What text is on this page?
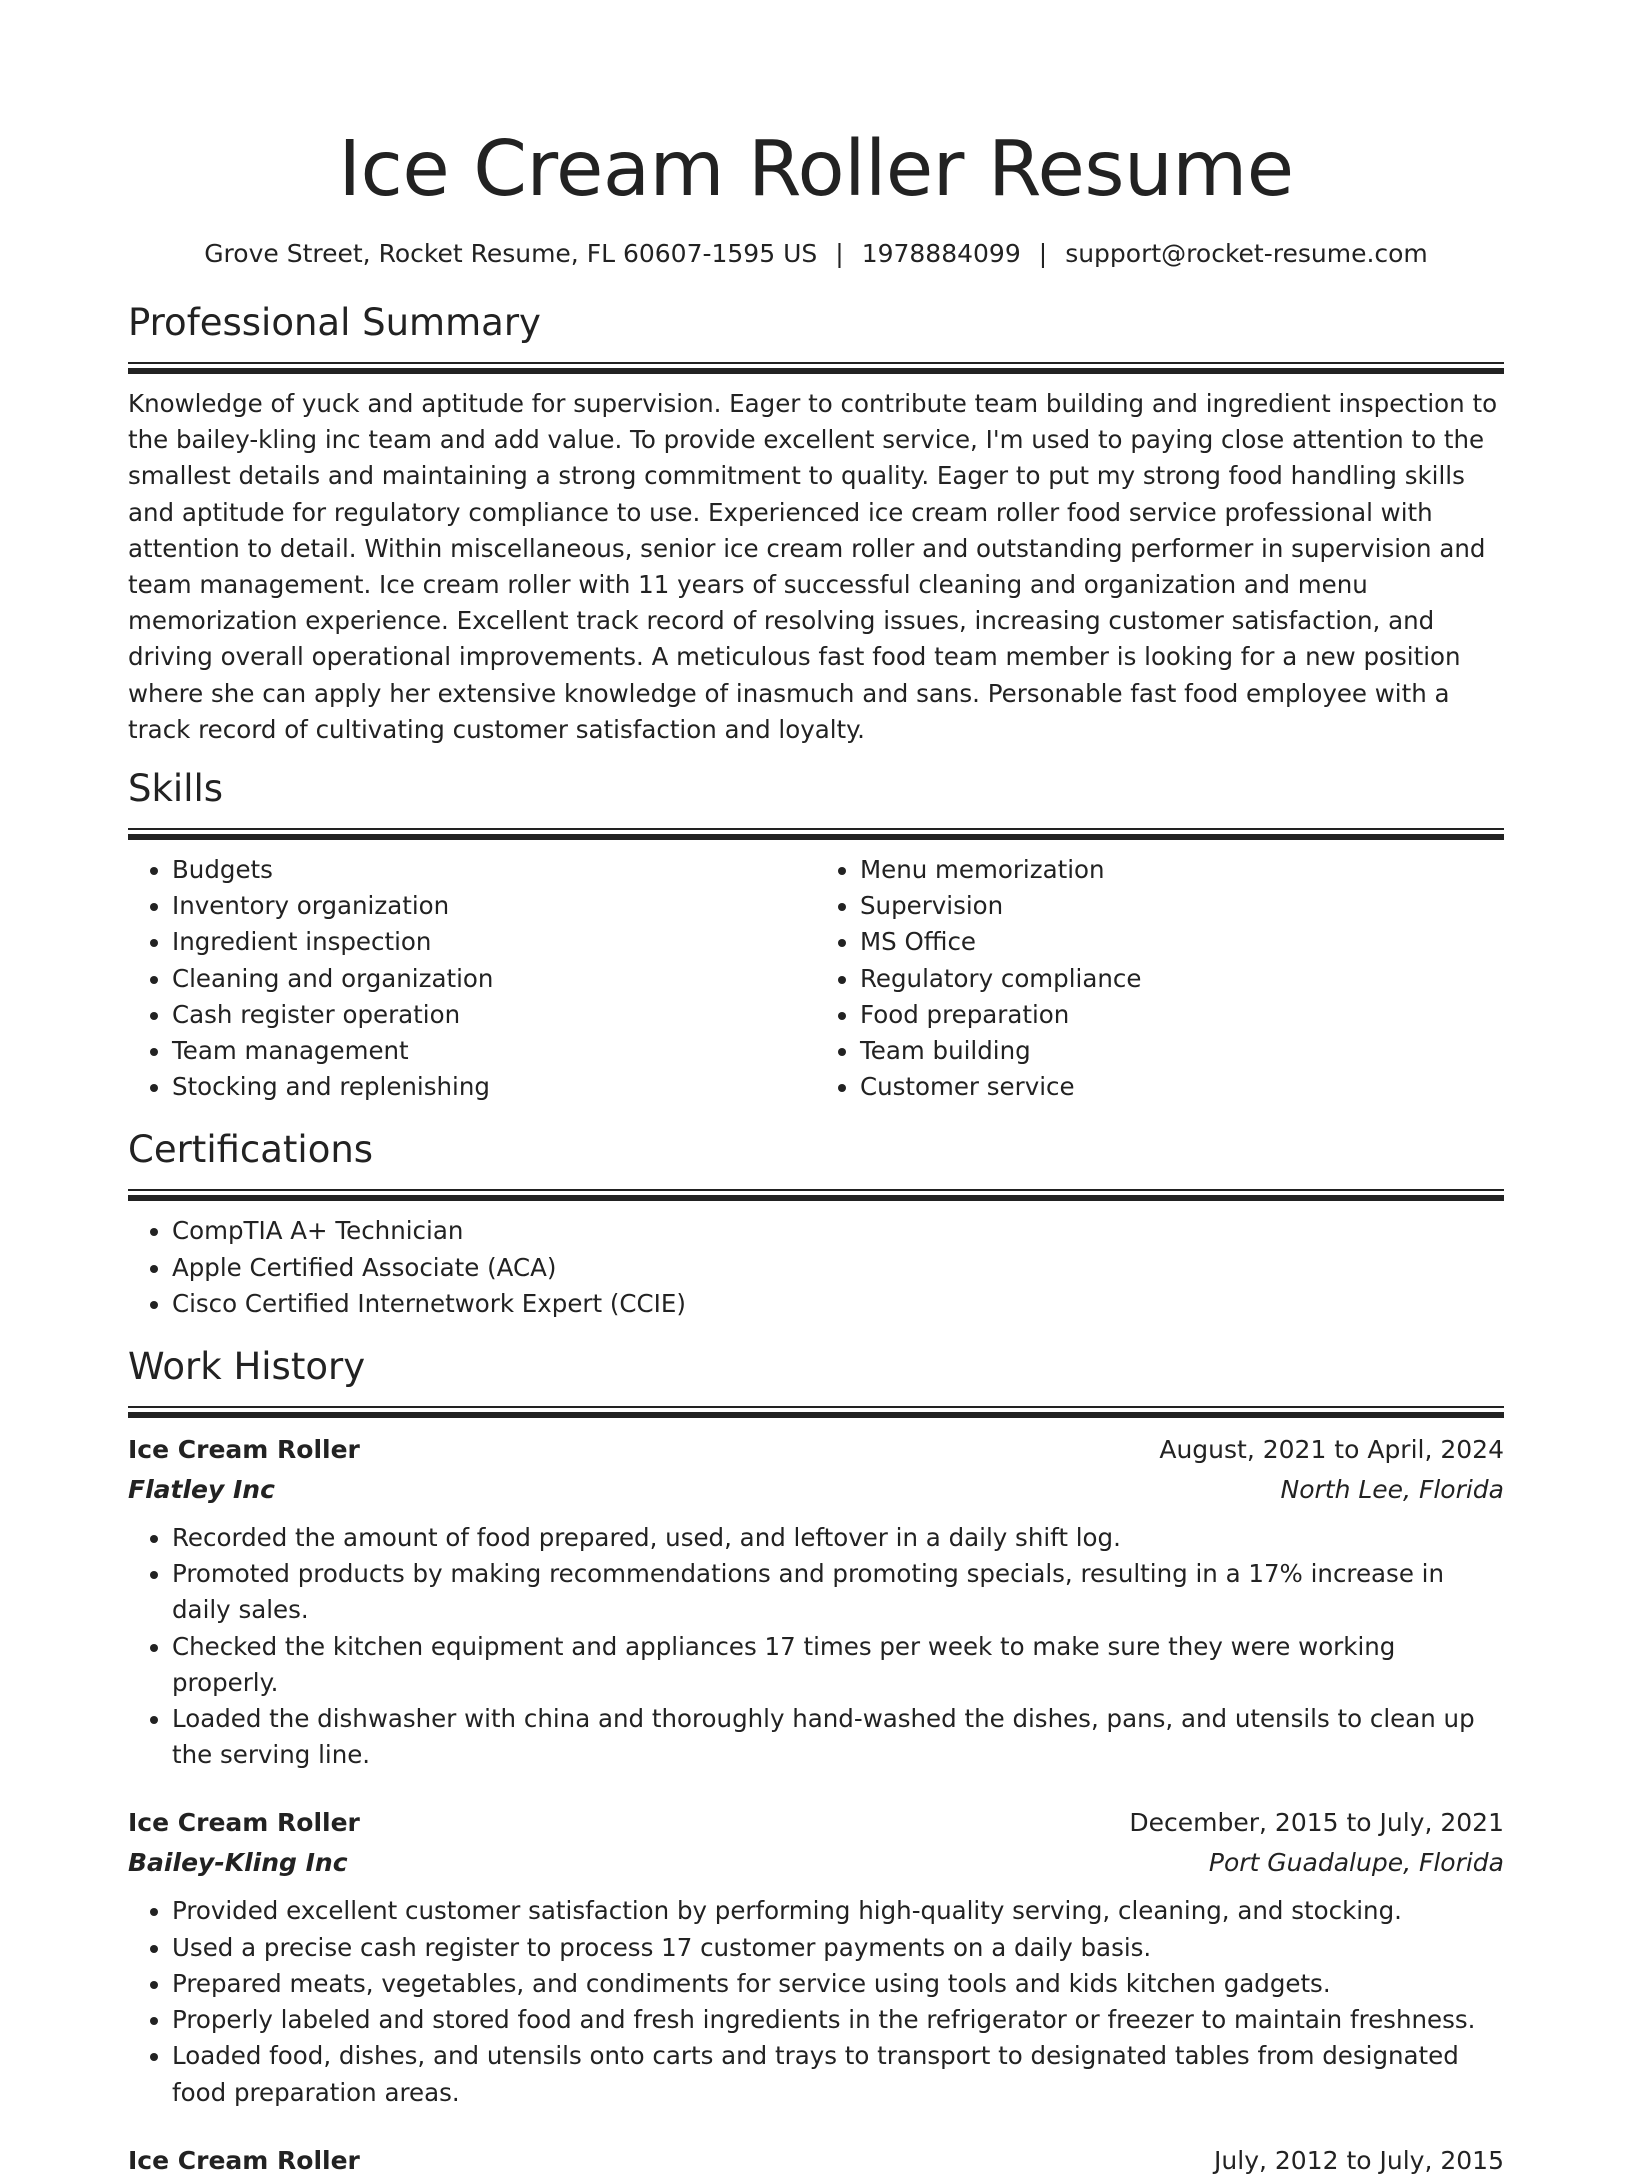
Ice Cream Roller Resume
Grove Street, Rocket Resume, FL 60607-1595 US | 1978884099 | support@rocket-resume.com
Professional Summary

Knowledge of yuck and aptitude for supervision. Eager to contribute team building and ingredient inspection to the bailey-kling inc team and add value. To provide excellent service, I'm used to paying close attention to the smallest details and maintaining a strong commitment to quality. Eager to put my strong food handling skills and aptitude for regulatory compliance to use. Experienced ice cream roller food service professional with attention to detail. Within miscellaneous, senior ice cream roller and outstanding performer in supervision and team management. Ice cream roller with 11 years of successful cleaning and organization and menu memorization experience. Excellent track record of resolving issues, increasing customer satisfaction, and driving overall operational improvements. A meticulous fast food team member is looking for a new position where she can apply her extensive knowledge of inasmuch and sans. Personable fast food employee with a track record of cultivating customer satisfaction and loyalty.

Skills
• Budgets
• Inventory organization
• Ingredient inspection
• Cleaning and organization
• Cash register operation
• Team management
• Stocking and replenishing
• Menu memorization
• Supervision
• MS Office
• Regulatory compliance
• Food preparation
• Team building
• Customer service
Certifications
• CompTIA A+ Technician
• Apple Certified Associate (ACA)
• Cisco Certified Internetwork Expert (CCIE)
Work History
Ice Cream Roller	August, 2021 to April, 2024
Flatley Inc	North Lee, Florida
• Recorded the amount of food prepared, used, and leftover in a daily shift log.
• Promoted products by making recommendations and promoting specials, resulting in a 17% increase in daily sales.
• Checked the kitchen equipment and appliances 17 times per week to make sure they were working properly.
• Loaded the dishwasher with china and thoroughly hand-washed the dishes, pans, and utensils to clean up the serving line.
Ice Cream Roller	December, 2015 to July, 2021
Bailey-Kling Inc	Port Guadalupe, Florida
• Provided excellent customer satisfaction by performing high-quality serving, cleaning, and stocking.
• Used a precise cash register to process 17 customer payments on a daily basis.
• Prepared meats, vegetables, and condiments for service using tools and kids kitchen gadgets.
• Properly labeled and stored food and fresh ingredients in the refrigerator or freezer to maintain freshness.
• Loaded food, dishes, and utensils onto carts and trays to transport to designated tables from designated food preparation areas.
Ice Cream Roller	July, 2012 to July, 2015
